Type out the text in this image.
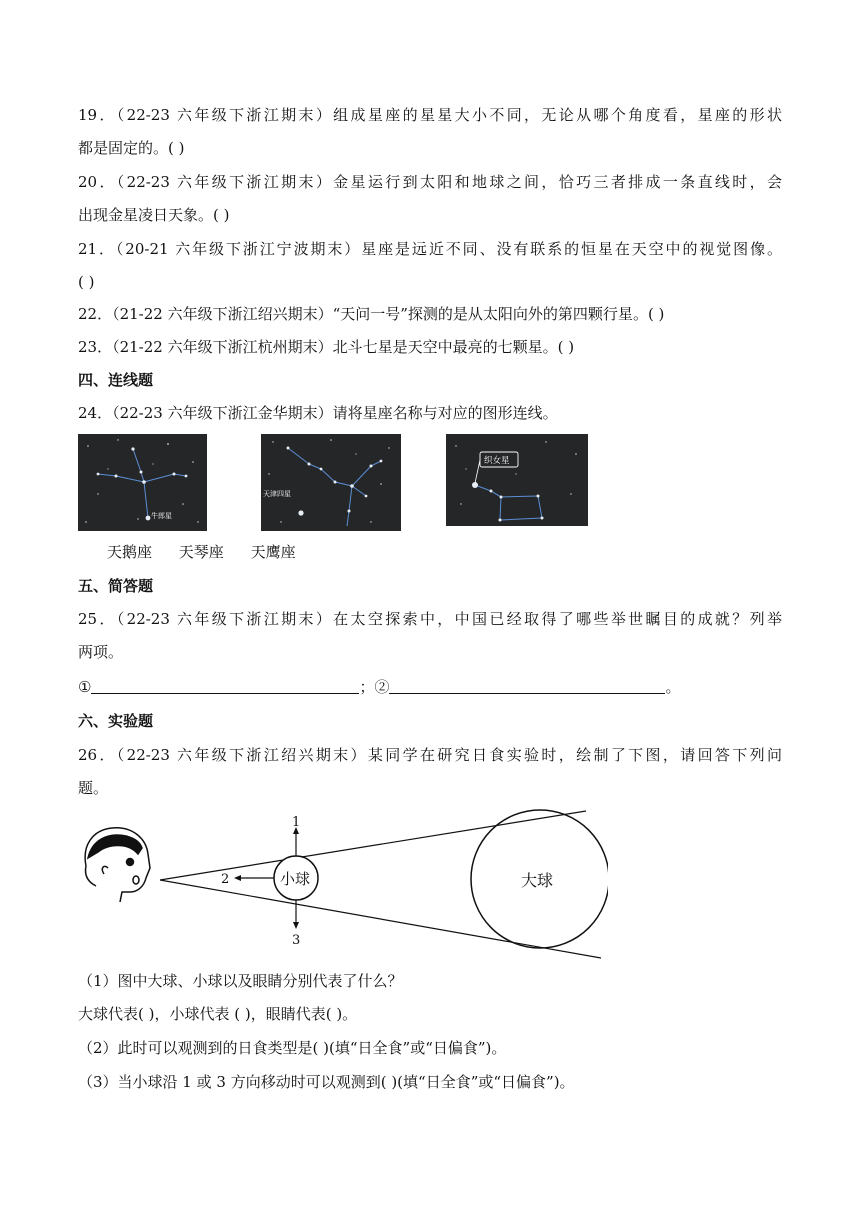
19．（22-23 六年级下浙江期末）组成星座的星星大小不同，无论从哪个角度看，星座的形状
都是固定的。( )
20．（22-23 六年级下浙江期末）金星运行到太阳和地球之间，恰巧三者排成一条直线时，会
出现金星凌日天象。( )
21．（20-21 六年级下浙江宁波期末）星座是远近不同、没有联系的恒星在天空中的视觉图像。
( )
22．（21-22 六年级下浙江绍兴期末）“天问一号”探测的是从太阳向外的第四颗行星。( )
23．（21-22 六年级下浙江杭州期末）北斗七星是天空中最亮的七颗星。( )
四、连线题
24．（22-23 六年级下浙江金华期末）请将星座名称与对应的图形连线。
牛郎星
天津四星
织女星
天鹅座 天琴座 天鹰座
五、简答题
25．（22-23 六年级下浙江期末）在太空探索中，中国已经取得了哪些举世瞩目的成就？列举
两项。
①	；②	。
六、实验题
26．（22-23 六年级下浙江绍兴期末）某同学在研究日食实验时，绘制了下图，请回答下列问
题。
大球
小球
1
2
3
（1）图中大球、小球以及眼睛分别代表了什么？
大球代表( )，小球代表 ( )，眼睛代表( )。
（2）此时可以观测到的日食类型是( )(填“日全食”或“日偏食”)。
（3）当小球沿 1 或 3 方向移动时可以观测到( )(填“日全食”或“日偏食”)。
